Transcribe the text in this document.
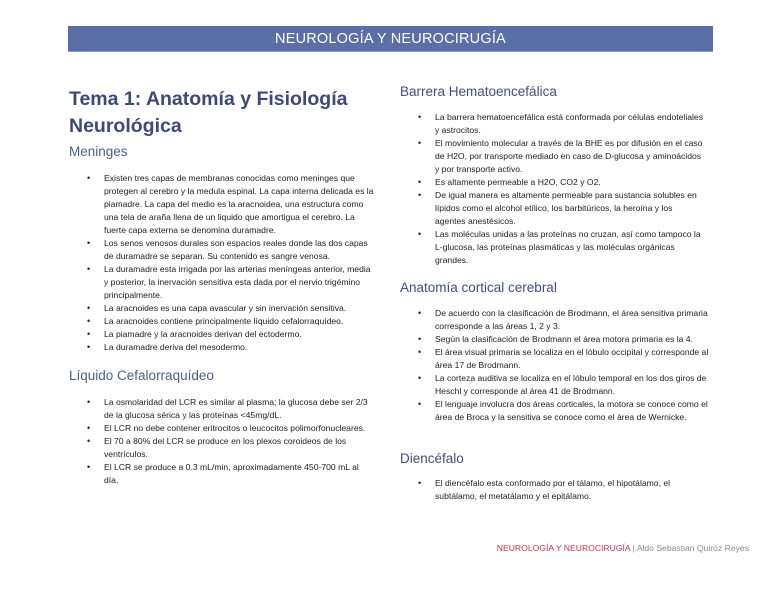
NEUROLOGÍA Y NEUROCIRUGÍA
Tema 1: Anatomía y Fisiología Neurológica
Meninges
• Existen tres capas de membranas conocidas como meninges que protegen al cerebro y la medula espinal. La capa interna delicada es la piamadre. La capa del medio es la aracnoidea, una estructura como una tela de araña llena de un liquido que amortigua el cerebro. La fuerte capa externa se denomina duramadre.
• Los senos venosos durales son espacios reales donde las dos capas de duramadre se separan. Su contenido es sangre venosa.
• La duramadre esta irrigada por las arterias meníngeas anterior, media y posterior, la inervación sensitiva esta dada por el nervio trigémino principalmente.
• La aracnoides es una capa avascular y sin inervación sensitiva.
• La aracnoides contiene principalmente líquido cefalorraquídeo.
• La piamadre y la aracnoides derivan del ectodermo.
• La duramadre deriva del mesodermo.
Líquido Cefalorraquídeo
• La osmolaridad del LCR es similar al plasma; la glucosa debe ser 2/3 de la glucosa sérica y las proteínas <45mg/dL.
• El LCR no debe contener eritrocitos o leucocitos polimorfonucleares.
• El 70 a 80% del LCR se produce en los plexos coroideos de los ventrículos.
• El LCR se produce a 0.3 mL/min, aproximadamente 450-700 mL al día.
Barrera Hematoencefálica
• La barrera hematoencefálica está conformada por células endoteliales y astrocitos.
• El movimiento molecular a través de la BHE es por difusión en el caso de H2O, por transporte mediado en caso de D-glucosa y aminoácidos y por transporte activo.
• Es altamente permeable a H2O, CO2 y O2.
• De igual manera es altamente permeable para sustancia solubles en lípidos como el alcohol etílico, los barbitúricos, la heroína y los agentes anestésicos.
• Las moléculas unidas a las proteínas no cruzan, así como tampoco la L-glucosa, las proteínas plasmáticas y las moléculas orgánicas grandes.
Anatomía cortical cerebral
• De acuerdo con la clasificación de Brodmann, el área sensitiva primaria corresponde a las áreas 1, 2 y 3.
• Según la clasificación de Brodmann el área motora primaria es la 4.
• El área visual primaria se localiza en el lóbulo occipital y corresponde al área 17 de Brodmann.
• La corteza auditiva se localiza en el lóbulo temporal en los dos giros de Heschl y corresponde al área 41 de Brodmann.
• El lenguaje involucra dos áreas corticales, la motora se conoce como el área de Broca y la sensitiva se conoce como el área de Wernicke.
Diencéfalo
• El diencéfalo esta conformado por el tálamo, el hipotálamo, el subtálamo, el metatálamo y el epitálamo.
NEUROLOGÍA Y NEUROCIRUGÍA | Aldo Sebastian Quiroz Reyes
